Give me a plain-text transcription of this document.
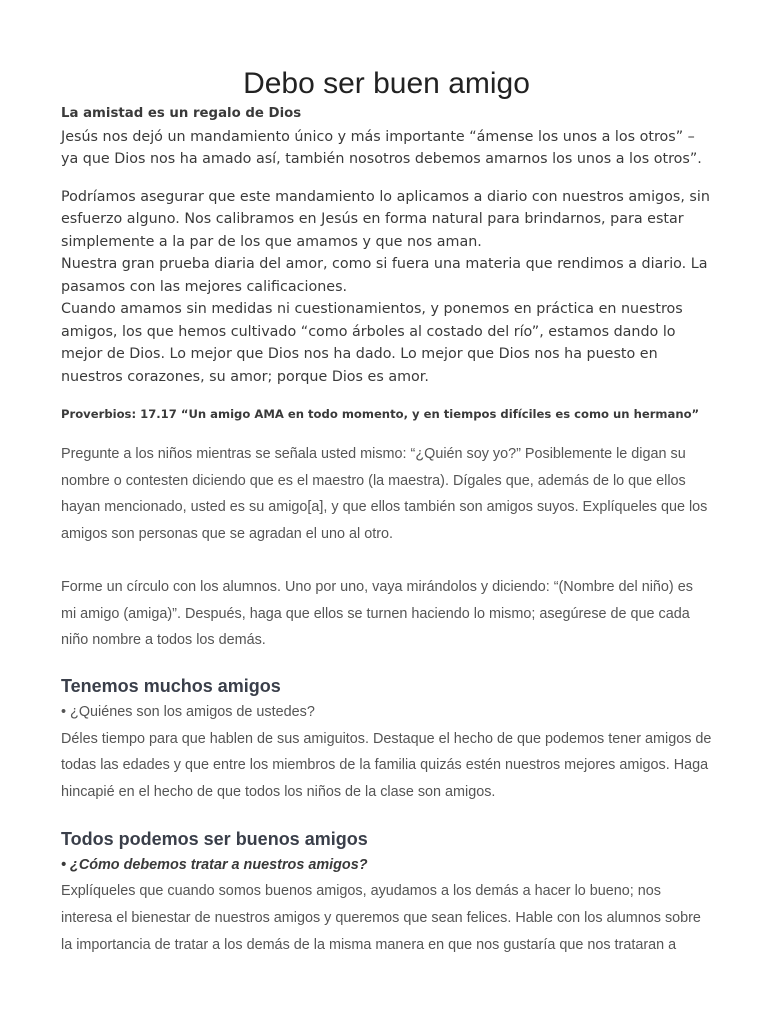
Debo ser buen amigo

La amistad es un regalo de Dios

Jesús nos dejó un mandamiento único y más importante “ámense los unos a los otros” – ya que Dios nos ha amado así, también nosotros debemos amarnos los unos a los otros”.

Podríamos asegurar que este mandamiento lo aplicamos a diario con nuestros amigos, sin esfuerzo alguno. Nos calibramos en Jesús en forma natural para brindarnos, para estar simplemente a la par de los que amamos y que nos aman.

Nuestra gran prueba diaria del amor, como si fuera una materia que rendimos a diario. La pasamos con las mejores calificaciones.

Cuando amamos sin medidas ni cuestionamientos, y ponemos en práctica en nuestros amigos, los que hemos cultivado “como árboles al costado del río”, estamos dando lo mejor de Dios. Lo mejor que Dios nos ha dado. Lo mejor que Dios nos ha puesto en nuestros corazones, su amor; porque Dios es amor.

Proverbios: 17.17 “Un amigo AMA en todo momento, y en tiempos difíciles es como un hermano”

Pregunte a los niños mientras se señala usted mismo: “¿Quién soy yo?” Posiblemente le digan su nombre o contesten diciendo que es el maestro (la maestra). Dígales que, además de lo que ellos hayan mencionado, usted es su amigo[a], y que ellos también son amigos suyos. Explíqueles que los amigos son personas que se agradan el uno al otro.

Forme un círculo con los alumnos. Uno por uno, vaya mirándolos y diciendo: “(Nombre del niño) es mi amigo (amiga)”. Después, haga que ellos se turnen haciendo lo mismo; asegúrese de que cada niño nombre a todos los demás.

Tenemos muchos amigos

• ¿Quiénes son los amigos de ustedes?

Déles tiempo para que hablen de sus amiguitos. Destaque el hecho de que podemos tener amigos de todas las edades y que entre los miembros de la familia quizás estén nuestros mejores amigos. Haga hincapié en el hecho de que todos los niños de la clase son amigos.

Todos podemos ser buenos amigos

• ¿Cómo debemos tratar a nuestros amigos?

Explíqueles que cuando somos buenos amigos, ayudamos a los demás a hacer lo bueno; nos interesa el bienestar de nuestros amigos y queremos que sean felices. Hable con los alumnos sobre la importancia de tratar a los demás de la misma manera en que nos gustaría que nos trataran a
